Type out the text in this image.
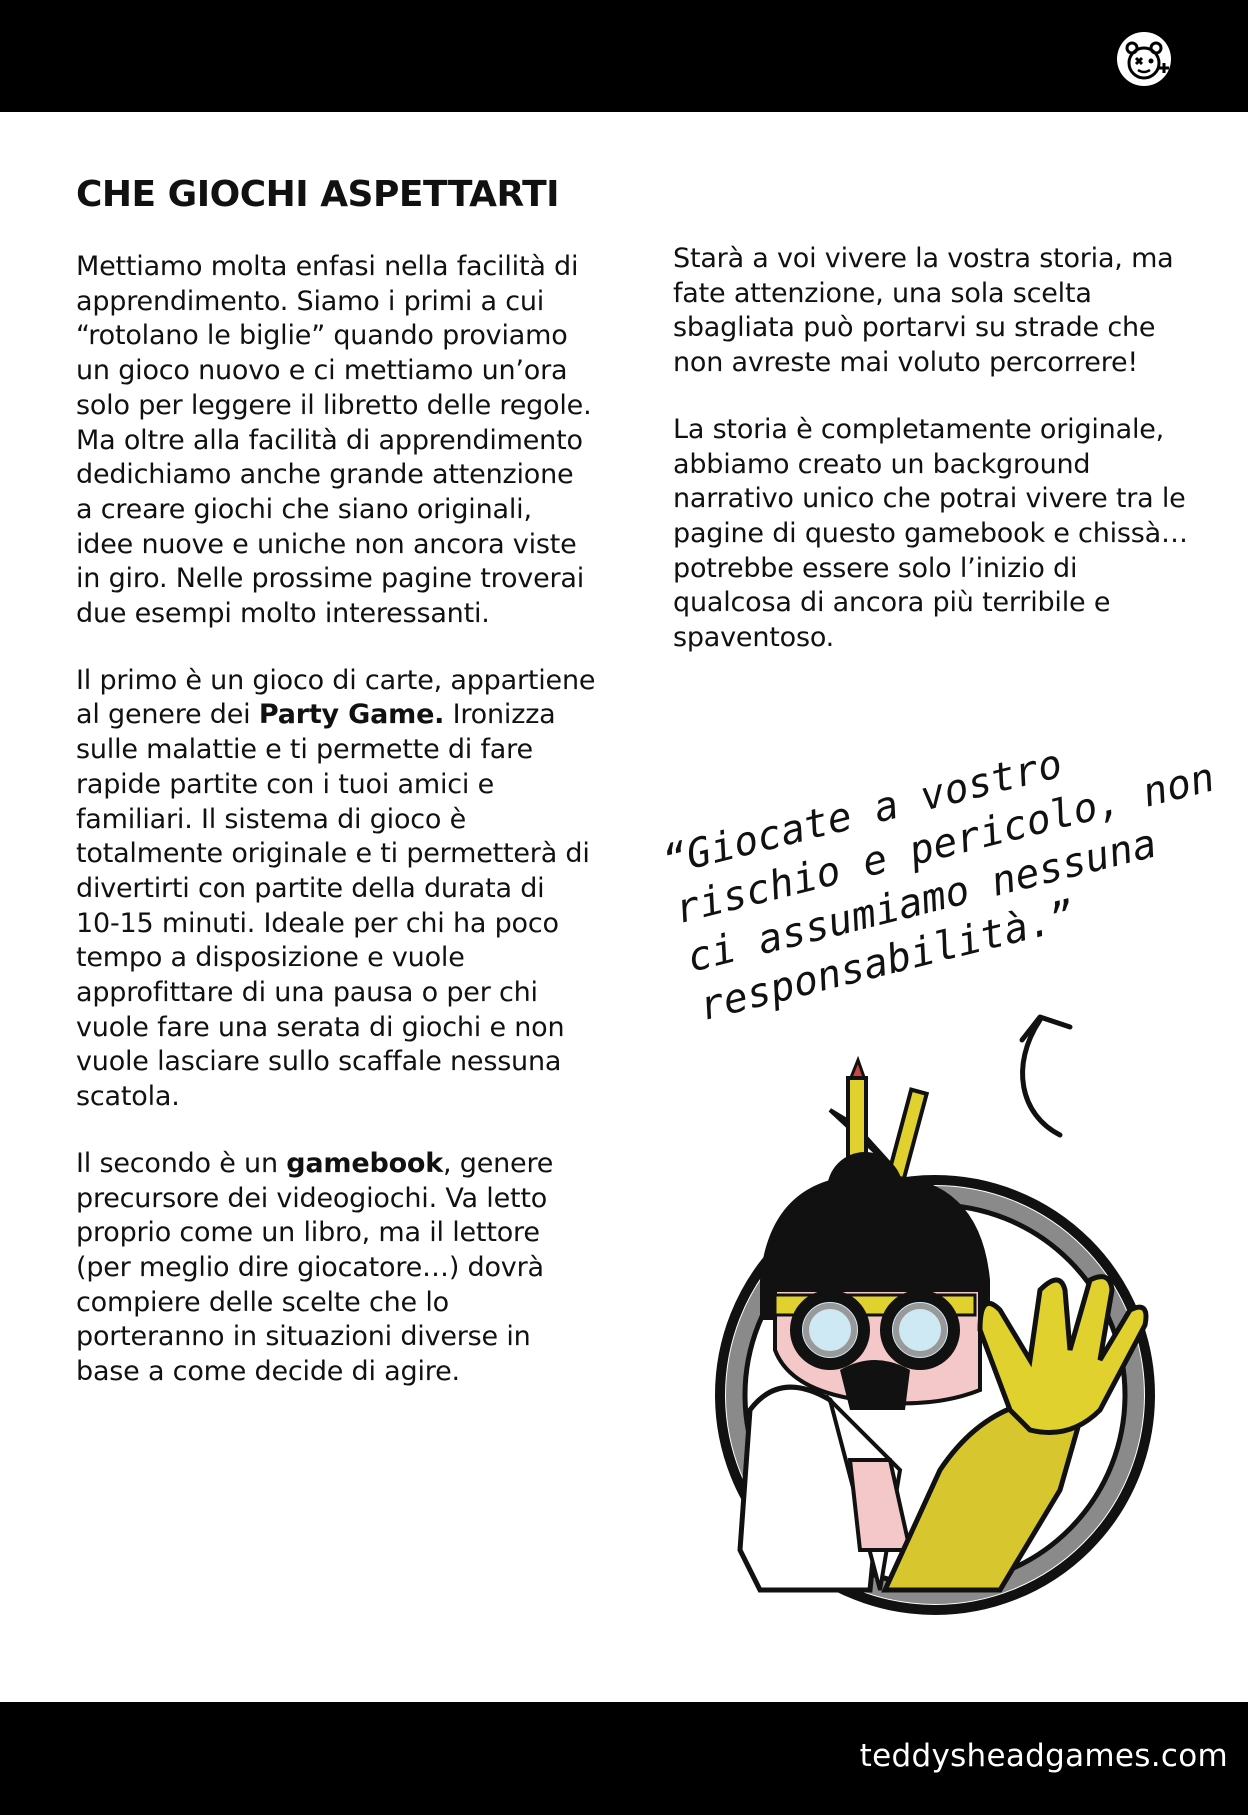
CHE GIOCHI ASPETTARTI

Mettiamo molta enfasi nella facilità di apprendimento. Siamo i primi a cui “rotolano le biglie” quando proviamo un gioco nuovo e ci mettiamo un’ora solo per leggere il libretto delle regole. Ma oltre alla facilità di apprendimento dedichiamo anche grande attenzione a creare giochi che siano originali, idee nuove e uniche non ancora viste in giro. Nelle prossime pagine troverai due esempi molto interessanti.

Il primo è un gioco di carte, appartiene al genere dei Party Game. Ironizza sulle malattie e ti permette di fare rapide partite con i tuoi amici e familiari. Il sistema di gioco è totalmente originale e ti permetterà di divertirti con partite della durata di 10-15 minuti. Ideale per chi ha poco tempo a disposizione e vuole approfittare di una pausa o per chi vuole fare una serata di giochi e non vuole lasciare sullo scaffale nessuna scatola.

Il secondo è un gamebook, genere precursore dei videogiochi. Va letto proprio come un libro, ma il lettore (per meglio dire giocatore…) dovrà compiere delle scelte che lo porteranno in situazioni diverse in base a come decide di agire.

Starà a voi vivere la vostra storia, ma fate attenzione, una sola scelta sbagliata può portarvi su strade che non avreste mai voluto percorrere!

La storia è completamente originale, abbiamo creato un background narrativo unico che potrai vivere tra le pagine di questo gamebook e chissà… potrebbe essere solo l’inizio di qualcosa di ancora più terribile e spaventoso.

“Giocate a vostro rischio e pericolo, non ci assumiamo nessuna responsabilità.”
teddysheadgames.com
